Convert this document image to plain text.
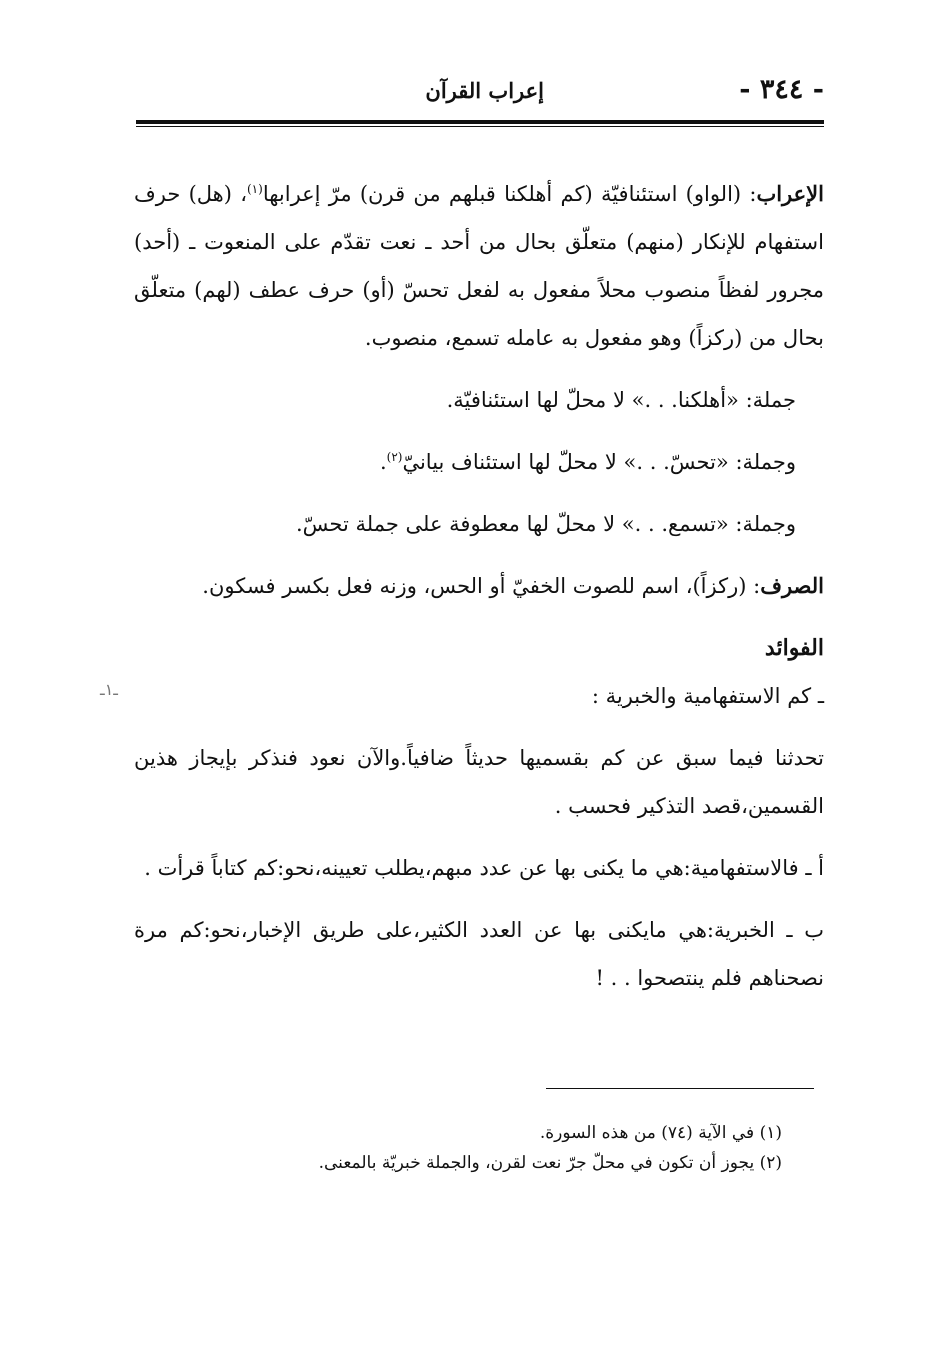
- ٣٤٤ -
إعراب القرآن

الإعراب: (الواو) استئنافيّة (كم أهلكنا قبلهم من قرن) مرّ إعرابها$^{(١)}$، (هل) حرف استفهام للإنكار (منهم) متعلّق بحال من أحد ـ نعت تقدّم على المنعوت ـ (أحد) مجرور لفظاً منصوب محلاً مفعول به لفعل تحسّ (أو) حرف عطف (لهم) متعلّق بحال من (ركزاً) وهو مفعول به عامله تسمع، منصوب.

جملة: «أهلكنا. . .» لا محلّ لها استئنافيّة.

وجملة: «تحسّ. . .» لا محلّ لها استئناف بيانيّ$^{(٢)}$.

وجملة: «تسمع. . .» لا محلّ لها معطوفة على جملة تحسّ.

الصرف: (ركزاً)، اسم للصوت الخفيّ أو الحس، وزنه فعل بكسر فسكون.

الفوائد

ـ كم الاستفهامية والخبرية :

تحدثنا فيما سبق عن كم بقسميها حديثاً ضافياً.والآن نعود فنذكر بإيجاز هذين القسمين،قصد التذكير فحسب .

أ ـ فالاستفهامية:هي ما يكنى بها عن عدد مبهم،يطلب تعيينه،نحو:كم كتاباً قرأت .

ب ـ الخبرية:هي مايكنى بها عن العدد الكثير،على طريق الإخبار،نحو:كم مرة نصحناهم فلم ينتصحوا . . !

ـ١ـ

(١) في الآية (٧٤) من هذه السورة.

(٢) يجوز أن تكون في محلّ جرّ نعت لقرن، والجملة خبريّة بالمعنى.
